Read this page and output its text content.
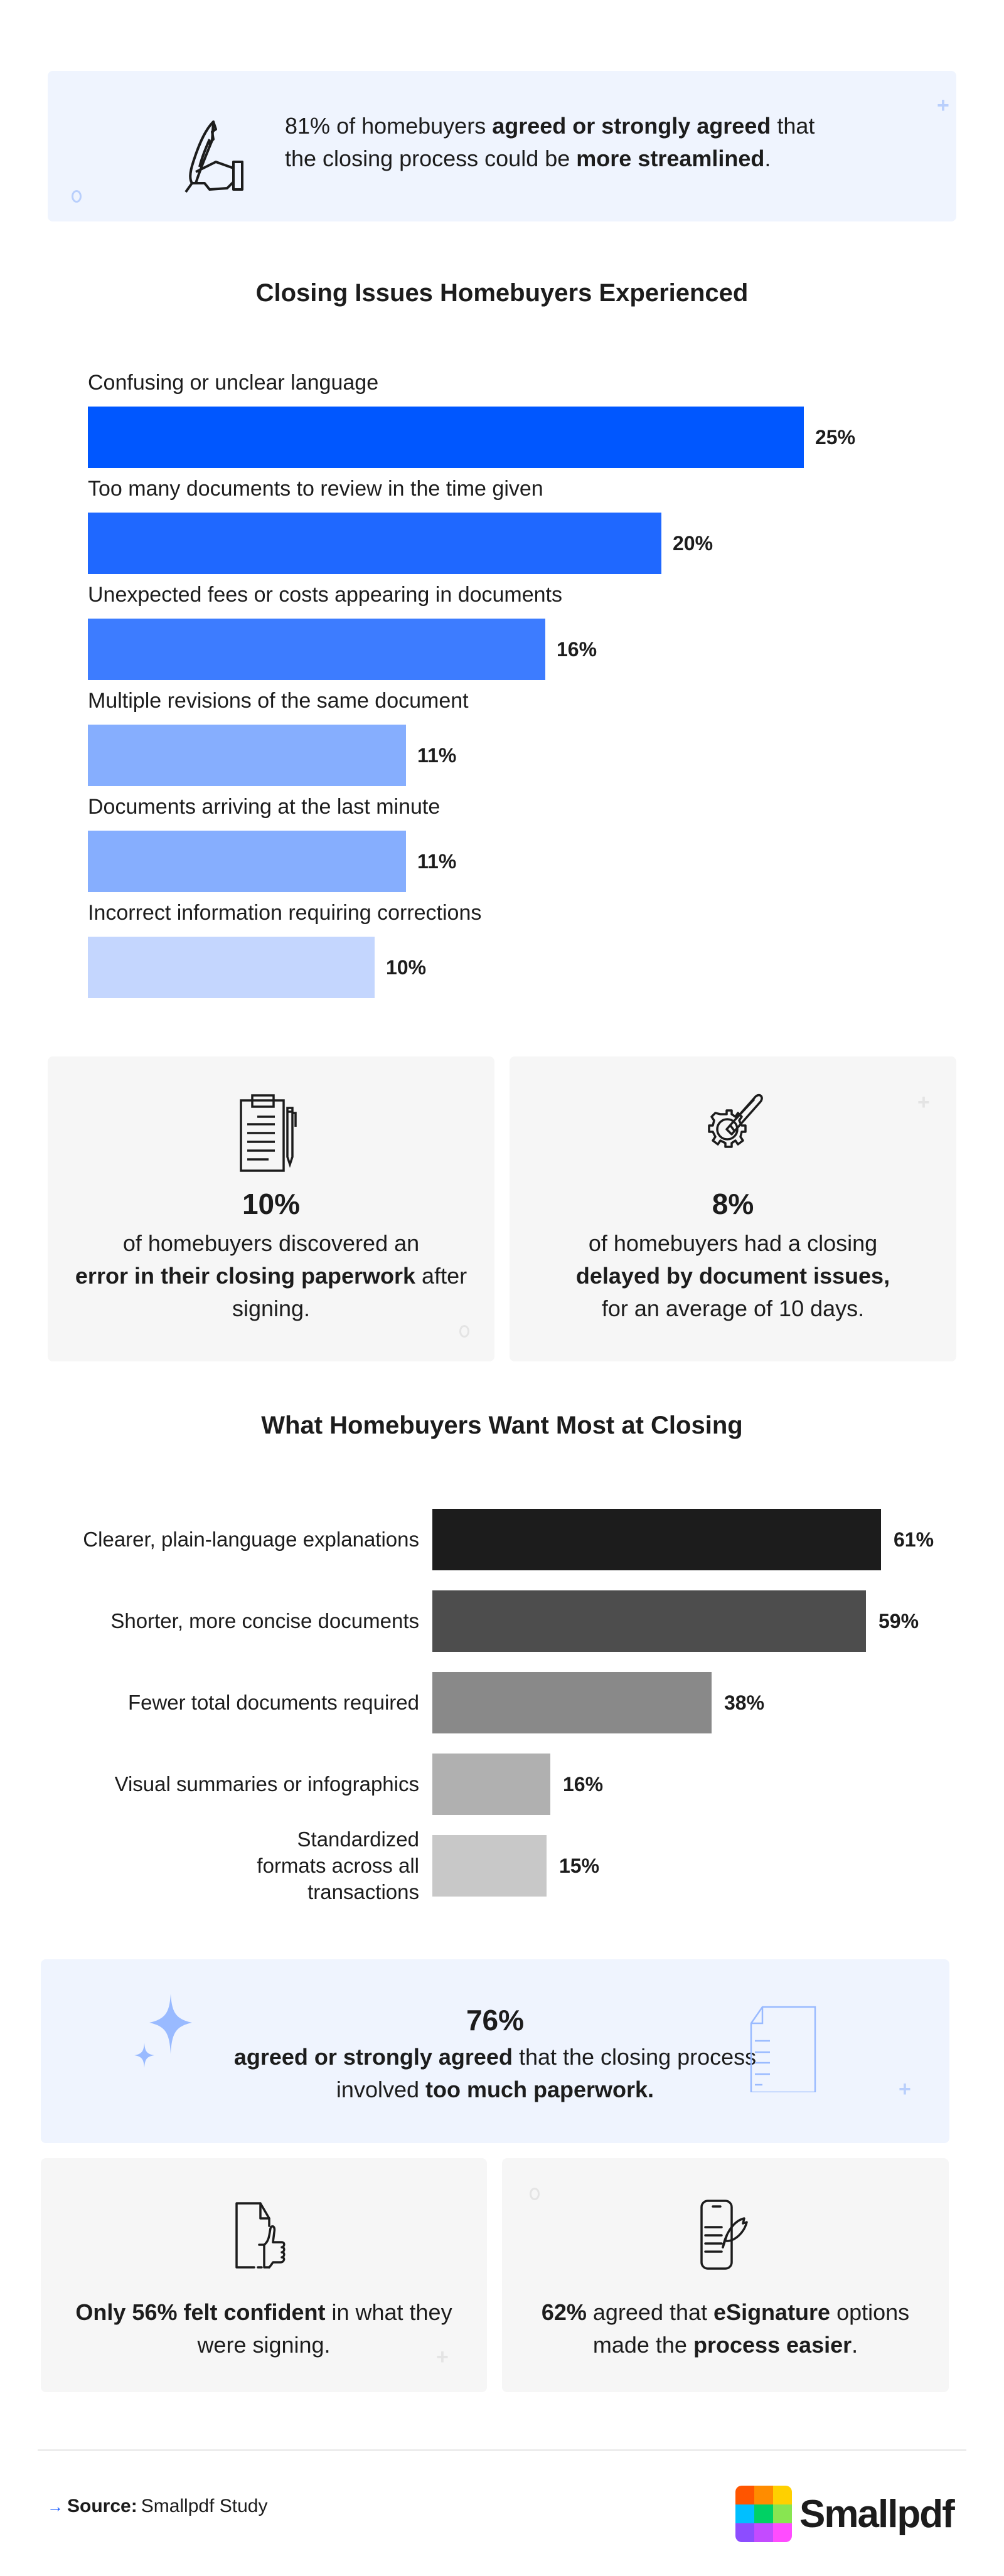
+
81% of homebuyers agreed or strongly agreed that the closing process could be more streamlined.
Closing Issues Homebuyers Experienced
Confusing or unclear language
25%
Too many documents to review in the time given
20%
Unexpected fees or costs appearing in documents
16%
Multiple revisions of the same document
11%
Documents arriving at the last minute
11%
Incorrect information requiring corrections
10%
10%
of homebuyers discovered an
error in their closing paperwork after signing.
8%
of homebuyers had a closing
delayed by document issues,
for an average of 10 days.
+
What Homebuyers Want Most at Closing
Clearer, plain-language explanations	61%
Shorter, more concise documents	59%
Fewer total documents required	38%
Visual summaries or infographics	16%
Standardized formats across all transactions
15%
76%
agreed or strongly agreed that the closing process involved too much paperwork.	+
Only 56% felt confident in what they were signing.	+
62% agreed that eSignature options made the process easier.
→ Source: Smallpdf Study	Smallpdf
